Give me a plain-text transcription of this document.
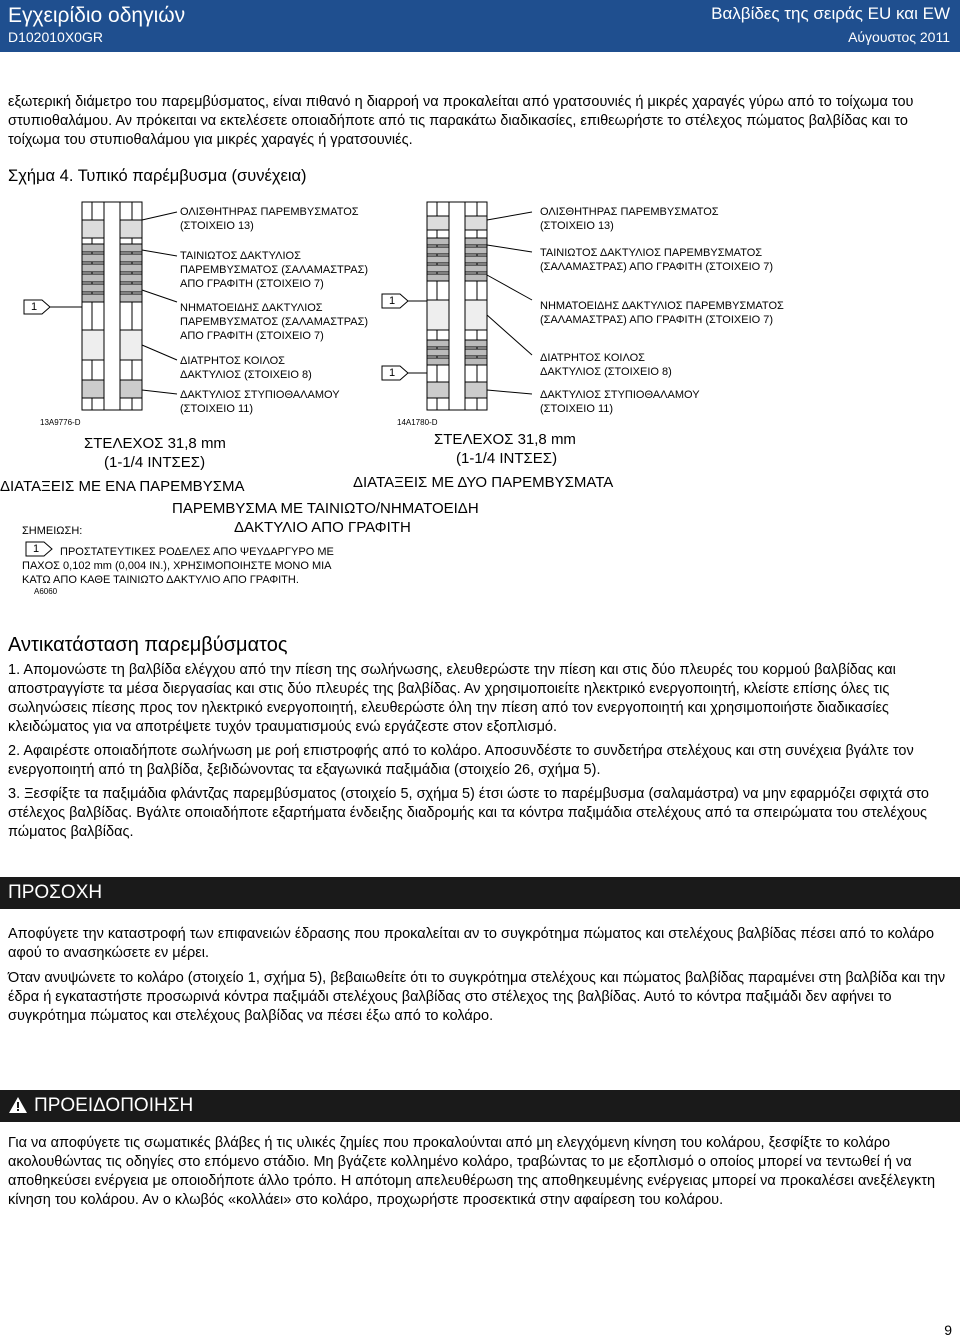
Εγχειρίδιο οδηγιών
D102010X0GR
Βαλβίδες της σειράς EU και EW
Αύγουστος 2011

εξωτερική διάμετρο του παρεμβύσματος, είναι πιθανό η διαρροή να προκαλείται από γρατσουνιές ή μικρές χαραγές γύρω από το τοίχωμα του στυπιοθαλάμου. Αν πρόκειται να εκτελέσετε οποιαδήποτε από τις παρακάτω διαδικασίες, επιθεωρήστε το στέλεχος πώματος βαλβίδας και το τοίχωμα του στυπιοθαλάμου για μικρές χαραγές ή γρατσουνιές.

Σχήμα 4. Τυπικό παρέμβυσμα (συνέχεια)
1	1
1
1
ΟΛΙΣΘΗΤΗΡΑΣ ΠΑΡΕΜΒΥΣΜΑΤΟΣ
(ΣΤΟΙΧΕΙΟ 13)
ΤΑΙΝΙΩΤΟΣ ΔΑΚΤΥΛΙΟΣ
ΠΑΡΕΜΒΥΣΜΑΤΟΣ (ΣΑΛΑΜΑΣΤΡΑΣ)
ΑΠΟ ΓΡΑΦΙΤΗ (ΣΤΟΙΧΕΙΟ 7)
ΝΗΜΑΤΟΕΙΔΗΣ ΔΑΚΤΥΛΙΟΣ
ΠΑΡΕΜΒΥΣΜΑΤΟΣ (ΣΑΛΑΜΑΣΤΡΑΣ)
ΑΠΟ ΓΡΑΦΙΤΗ (ΣΤΟΙΧΕΙΟ 7)
ΔΙΑΤΡΗΤΟΣ ΚΟΙΛΟΣ
ΔΑΚΤΥΛΙΟΣ (ΣΤΟΙΧΕΙΟ 8)
ΔΑΚΤΥΛΙΟΣ ΣΤΥΠΙΟΘΑΛΑΜΟΥ
(ΣΤΟΙΧΕΙΟ 11)
ΟΛΙΣΘΗΤΗΡΑΣ ΠΑΡΕΜΒΥΣΜΑΤΟΣ
(ΣΤΟΙΧΕΙΟ 13)
ΤΑΙΝΙΩΤΟΣ ΔΑΚΤΥΛΙΟΣ ΠΑΡΕΜΒΥΣΜΑΤΟΣ
(ΣΑΛΑΜΑΣΤΡΑΣ) ΑΠΟ ΓΡΑΦΙΤΗ (ΣΤΟΙΧΕΙΟ 7)
ΝΗΜΑΤΟΕΙΔΗΣ ΔΑΚΤΥΛΙΟΣ ΠΑΡΕΜΒΥΣΜΑΤΟΣ
(ΣΑΛΑΜΑΣΤΡΑΣ) ΑΠΟ ΓΡΑΦΙΤΗ (ΣΤΟΙΧΕΙΟ 7)
ΔΙΑΤΡΗΤΟΣ ΚΟΙΛΟΣ
ΔΑΚΤΥΛΙΟΣ (ΣΤΟΙΧΕΙΟ 8)
ΔΑΚΤΥΛΙΟΣ ΣΤΥΠΙΟΘΑΛΑΜΟΥ
(ΣΤΟΙΧΕΙΟ 11)
13A9776-D	14A1780-D
ΣΤΕΛΕΧΟΣ 31,8 mm
(1-1/4 ΙΝΤΣΕΣ)
ΣΤΕΛΕΧΟΣ 31,8 mm
(1-1/4 ΙΝΤΣΕΣ)
ΔΙΑΤΑΞΕΙΣ ΜΕ ΕΝΑ ΠΑΡΕΜΒΥΣΜΑ	ΔΙΑΤΑΞΕΙΣ ΜΕ ΔΥΟ ΠΑΡΕΜΒΥΣΜΑΤΑ
ΠΑΡΕΜΒΥΣΜΑ ΜΕ ΤΑΙΝΙΩΤΟ/ΝΗΜΑΤΟΕΙΔΗ
ΔΑΚΤΥΛΙΟ ΑΠΟ ΓΡΑΦΙΤΗ
ΣΗΜΕΙΩΣΗ:
ΠΡΟΣΤΑΤΕΥΤΙΚΕΣ ΡΟΔΕΛΕΣ ΑΠΟ ΨΕΥΔΑΡΓΥΡΟ ΜΕ
ΠΑΧΟΣ 0,102 mm (0,004 IN.), ΧΡΗΣΙΜΟΠΟΙΗΣΤΕ ΜΟΝΟ ΜΙΑ
ΚΑΤΩ ΑΠΟ ΚΑΘΕ ΤΑΙΝΙΩΤΟ ΔΑΚΤΥΛΙΟ ΑΠΟ ΓΡΑΦΙΤΗ.
A6060
Αντικατάσταση παρεμβύσματος

1. Απομονώστε τη βαλβίδα ελέγχου από την πίεση της σωλήνωσης, ελευθερώστε την πίεση και στις δύο πλευρές του κορμού βαλβίδας και αποστραγγίστε τα μέσα διεργασίας και στις δύο πλευρές της βαλβίδας. Αν χρησιμοποιείτε ηλεκτρικό ενεργοποιητή, κλείστε επίσης όλες τις σωληνώσεις πίεσης προς τον ηλεκτρικό ενεργοποιητή, ελευθερώστε όλη την πίεση από τον ενεργοποιητή και χρησιμοποιήστε διαδικασίες κλειδώματος για να αποτρέψετε τυχόν τραυματισμούς ενώ εργάζεστε στον εξοπλισμό.

2. Αφαιρέστε οποιαδήποτε σωλήνωση με ροή επιστροφής από το κολάρο. Αποσυνδέστε το συνδετήρα στελέχους και στη συνέχεια βγάλτε τον ενεργοποιητή από τη βαλβίδα, ξεβιδώνοντας τα εξαγωνικά παξιμάδια (στοιχείο 26, σχήμα 5).

3. Ξεσφίξτε τα παξιμάδια φλάντζας παρεμβύσματος (στοιχείο 5, σχήμα 5) έτσι ώστε το παρέμβυσμα (σαλαμάστρα) να μην εφαρμόζει σφιχτά στο στέλεχος βαλβίδας. Βγάλτε οποιαδήποτε εξαρτήματα ένδειξης διαδρομής και τα κόντρα παξιμάδια στελέχους από τα σπειρώματα του στελέχους πώματος βαλβίδας.

ΠΡΟΣΟΧΗ

Αποφύγετε την καταστροφή των επιφανειών έδρασης που προκαλείται αν το συγκρότημα πώματος και στελέχους βαλβίδας πέσει από το κολάρο αφού το ανασηκώσετε εν μέρει.

Όταν ανυψώνετε το κολάρο (στοιχείο 1, σχήμα 5), βεβαιωθείτε ότι το συγκρότημα στελέχους και πώματος βαλβίδας παραμένει στη βαλβίδα και την έδρα ή εγκαταστήστε προσωρινά κόντρα παξιμάδι στελέχους βαλβίδας στο στέλεχος της βαλβίδας. Αυτό το κόντρα παξιμάδι δεν αφήνει το συγκρότημα πώματος και στελέχους βαλβίδας να πέσει έξω από το κολάρο.

ΠΡΟΕΙΔΟΠΟΙΗΣΗ

Για να αποφύγετε τις σωματικές βλάβες ή τις υλικές ζημίες που προκαλούνται από μη ελεγχόμενη κίνηση του κολάρου, ξεσφίξτε το κολάρο ακολουθώντας τις οδηγίες στο επόμενο στάδιο. Μη βγάζετε κολλημένο κολάρο, τραβώντας το με εξοπλισμό ο οποίος μπορεί να τεντωθεί ή να αποθηκεύσει ενέργεια με οποιοδήποτε άλλο τρόπο. Η απότομη απελευθέρωση της αποθηκευμένης ενέργειας μπορεί να προκαλέσει ανεξέλεγκτη κίνηση του κολάρου. Αν ο κλωβός «κολλάει» στο κολάρο, προχωρήστε προσεκτικά στην αφαίρεση του κολάρου.

9
